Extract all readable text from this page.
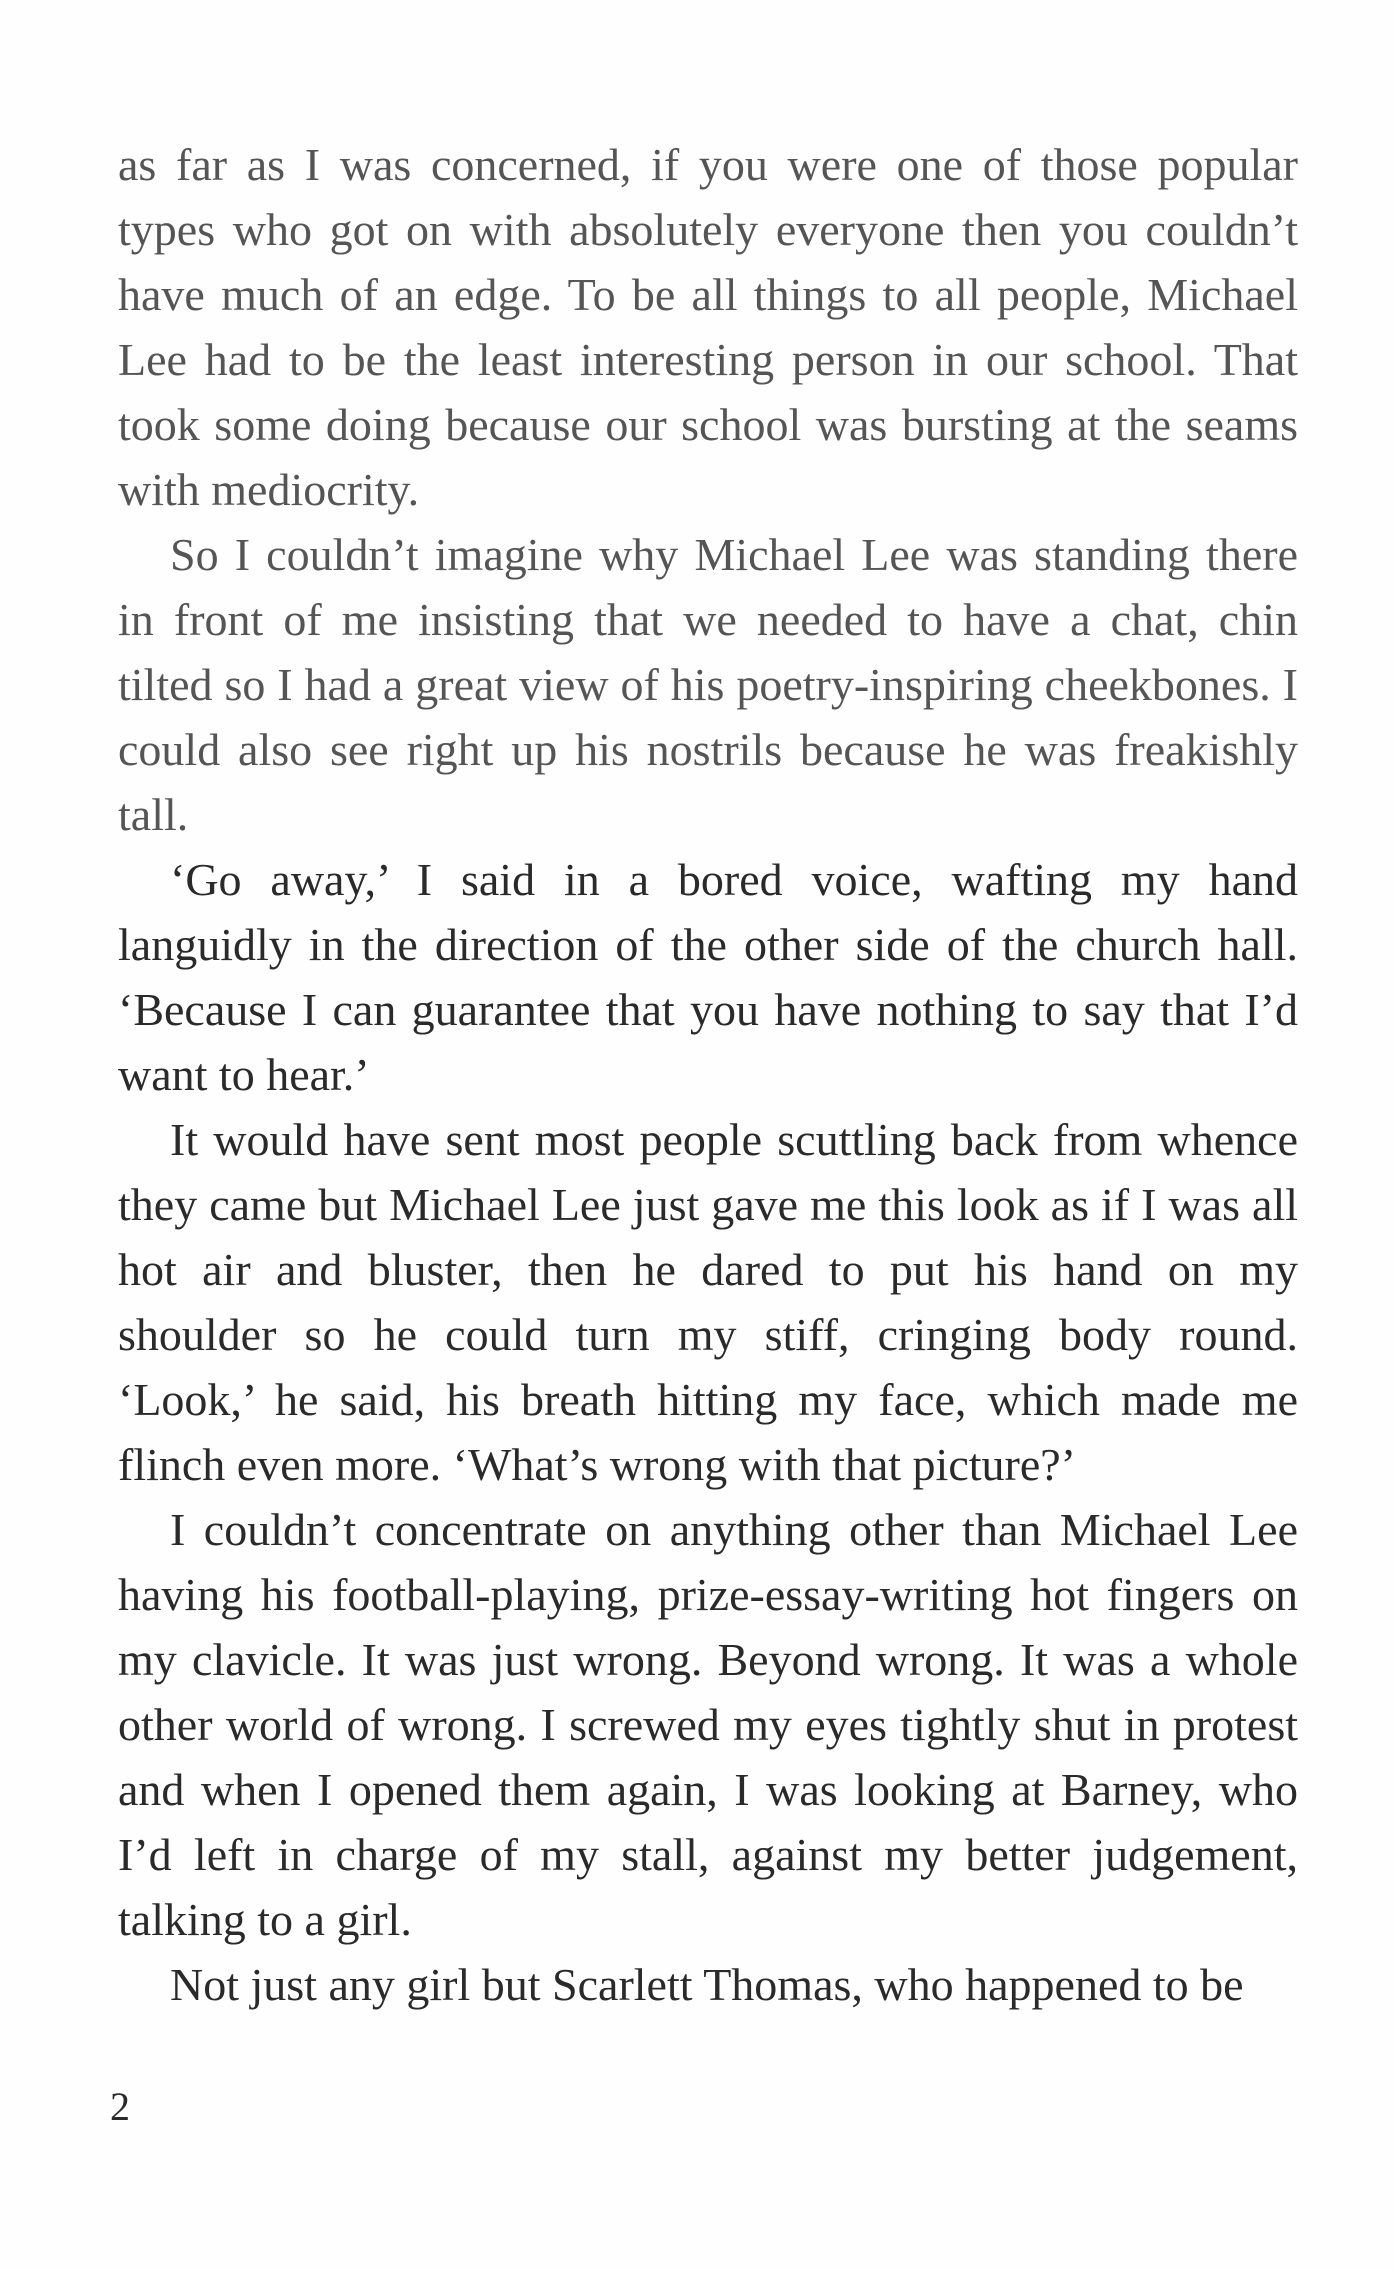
as far as I was concerned, if you were one of those popular types who got on with absolutely everyone then you couldn’t have much of an edge. To be all things to all people, Michael Lee had to be the least interesting person in our school. That took some doing because our school was bursting at the seams with mediocrity.

So I couldn’t imagine why Michael Lee was standing there in front of me insisting that we needed to have a chat, chin tilted so I had a great view of his poetry-inspiring cheekbones. I could also see right up his nostrils because he was freakishly tall.

‘Go away,’ I said in a bored voice, wafting my hand languidly in the direction of the other side of the church hall. ‘Because I can guarantee that you have nothing to say that I’d want to hear.’

It would have sent most people scuttling back from whence they came but Michael Lee just gave me this look as if I was all hot air and bluster, then he dared to put his hand on my shoulder so he could turn my stiff, cringing body round. ‘Look,’ he said, his breath hitting my face, which made me flinch even more. ‘What’s wrong with that picture?’

I couldn’t concentrate on anything other than Michael Lee having his football-playing, prize-essay-writing hot fingers on my clavicle. It was just wrong. Beyond wrong. It was a whole other world of wrong. I screwed my eyes tightly shut in protest and when I opened them again, I was looking at Barney, who I’d left in charge of my stall, against my better judgement, talking to a girl.

Not just any girl but Scarlett Thomas, who happened to be

2
